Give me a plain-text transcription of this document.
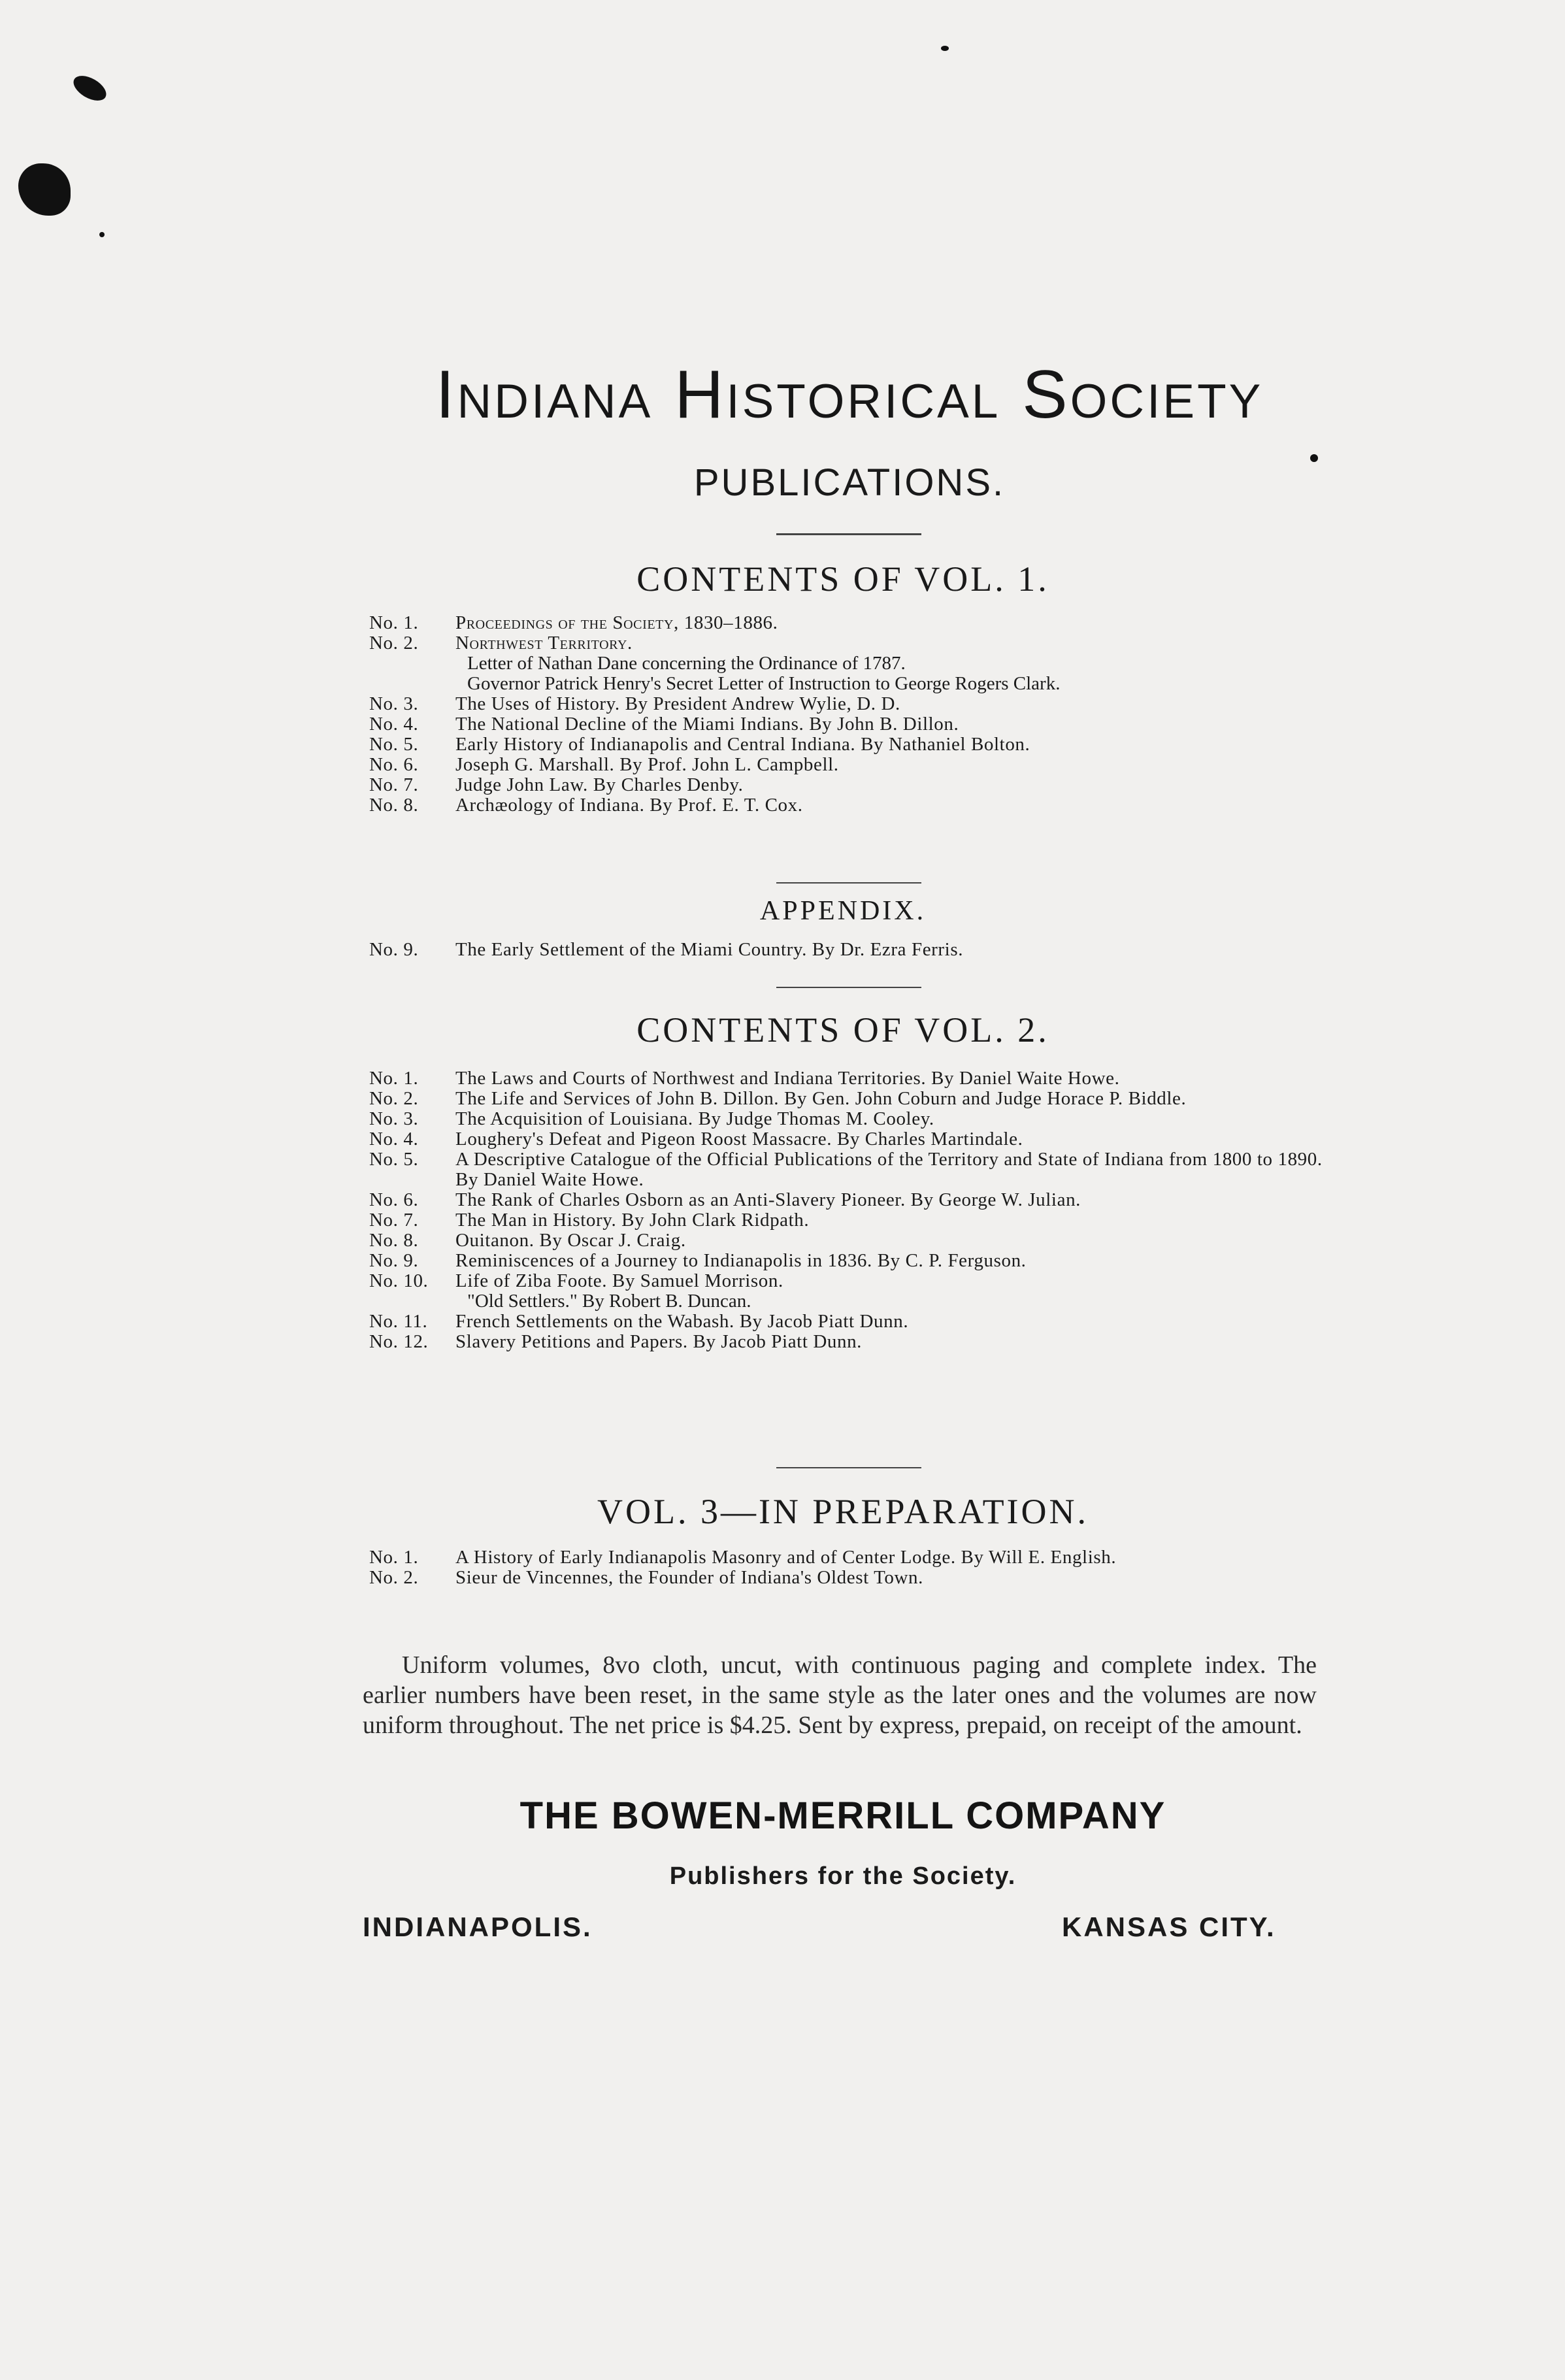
Indiana Historical Society
PUBLICATIONS.
CONTENTS OF VOL. 1.
No. 1.	Proceedings of the Society, 1830–1886.
No. 2.	Northwest Territory.
Letter of Nathan Dane concerning the Ordinance of 1787.
Governor Patrick Henry's Secret Letter of Instruction to George Rogers Clark.
No. 3.	The Uses of History. By President Andrew Wylie, D. D.
No. 4.	The National Decline of the Miami Indians. By John B. Dillon.
No. 5.	Early History of Indianapolis and Central Indiana. By Nathaniel Bolton.
No. 6.	Joseph G. Marshall. By Prof. John L. Campbell.
No. 7.	Judge John Law. By Charles Denby.
No. 8.	Archæology of Indiana. By Prof. E. T. Cox.
APPENDIX.
No. 9.	The Early Settlement of the Miami Country. By Dr. Ezra Ferris.
CONTENTS OF VOL. 2.
No. 1.	The Laws and Courts of Northwest and Indiana Territories. By Daniel Waite Howe.
No. 2.	The Life and Services of John B. Dillon. By Gen. John Coburn and Judge Horace P. Biddle.
No. 3.	The Acquisition of Louisiana. By Judge Thomas M. Cooley.
No. 4.	Loughery's Defeat and Pigeon Roost Massacre. By Charles Martindale.
No. 5.	A Descriptive Catalogue of the Official Publications of the Territory and State of Indiana from 1800 to 1890. By Daniel Waite Howe.
No. 6.	The Rank of Charles Osborn as an Anti-Slavery Pioneer. By George W. Julian.
No. 7.	The Man in History. By John Clark Ridpath.
No. 8.	Ouitanon. By Oscar J. Craig.
No. 9.	Reminiscences of a Journey to Indianapolis in 1836. By C. P. Ferguson.
No. 10.	Life of Ziba Foote. By Samuel Morrison.
"Old Settlers." By Robert B. Duncan.
No. 11.	French Settlements on the Wabash. By Jacob Piatt Dunn.
No. 12.	Slavery Petitions and Papers. By Jacob Piatt Dunn.
VOL. 3—IN PREPARATION.
No. 1.	A History of Early Indianapolis Masonry and of Center Lodge. By Will E. English.
No. 2.	Sieur de Vincennes, the Founder of Indiana's Oldest Town.
Uniform volumes, 8vo cloth, uncut, with continuous paging and complete index. The earlier numbers have been reset, in the same style as the later ones and the volumes are now uniform throughout. The net price is $4.25. Sent by express, prepaid, on receipt of the amount.
THE BOWEN-MERRILL COMPANY
Publishers for the Society.
INDIANAPOLIS.	KANSAS CITY.
